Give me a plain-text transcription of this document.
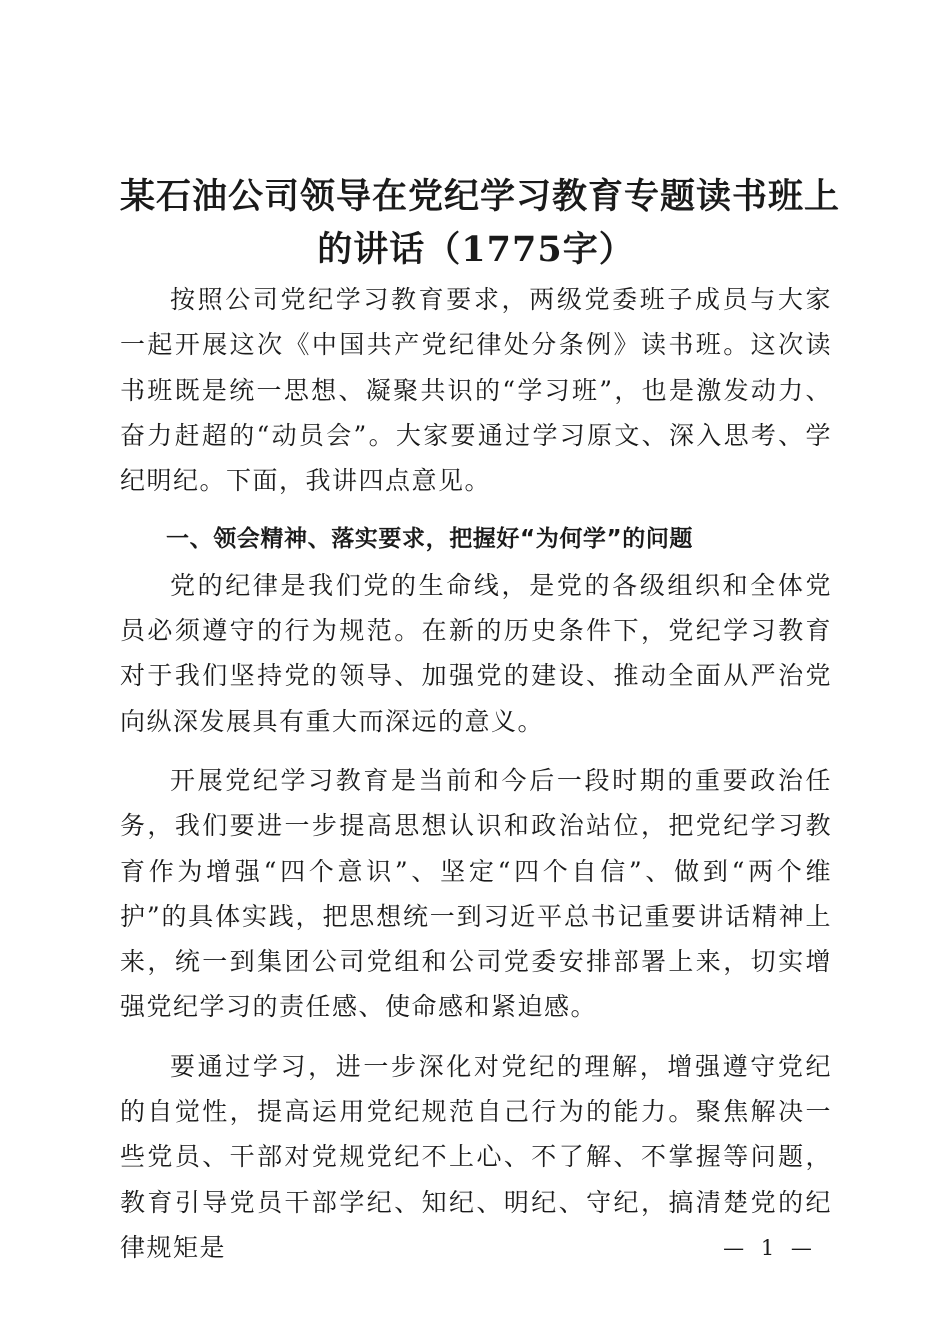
某石油公司领导在党纪学习教育专题读书班上
的讲话（1775字）

按照公司党纪学习教育要求，两级党委班子成员与大家一起开展这次《中国共产党纪律处分条例》读书班。这次读书班既是统一思想、凝聚共识的“学习班”，也是激发动力、奋力赶超的“动员会”。大家要通过学习原文、深入思考、学纪明纪。下面，我讲四点意见。

一、领会精神、落实要求，把握好“为何学”的问题

党的纪律是我们党的生命线，是党的各级组织和全体党员必须遵守的行为规范。在新的历史条件下，党纪学习教育对于我们坚持党的领导、加强党的建设、推动全面从严治党向纵深发展具有重大而深远的意义。

开展党纪学习教育是当前和今后一段时期的重要政治任务，我们要进一步提高思想认识和政治站位，把党纪学习教育作为增强“四个意识”、坚定“四个自信”、做到“两个维护”的具体实践，把思想统一到习近平总书记重要讲话精神上来，统一到集团公司党组和公司党委安排部署上来，切实增强党纪学习的责任感、使命感和紧迫感。

要通过学习，进一步深化对党纪的理解，增强遵守党纪的自觉性，提高运用党纪规范自己行为的能力。聚焦解决一些党员、干部对党规党纪不上心、不了解、不掌握等问题，教育引导党员干部学纪、知纪、明纪、守纪，搞清楚党的纪律规矩是	— 1 —
